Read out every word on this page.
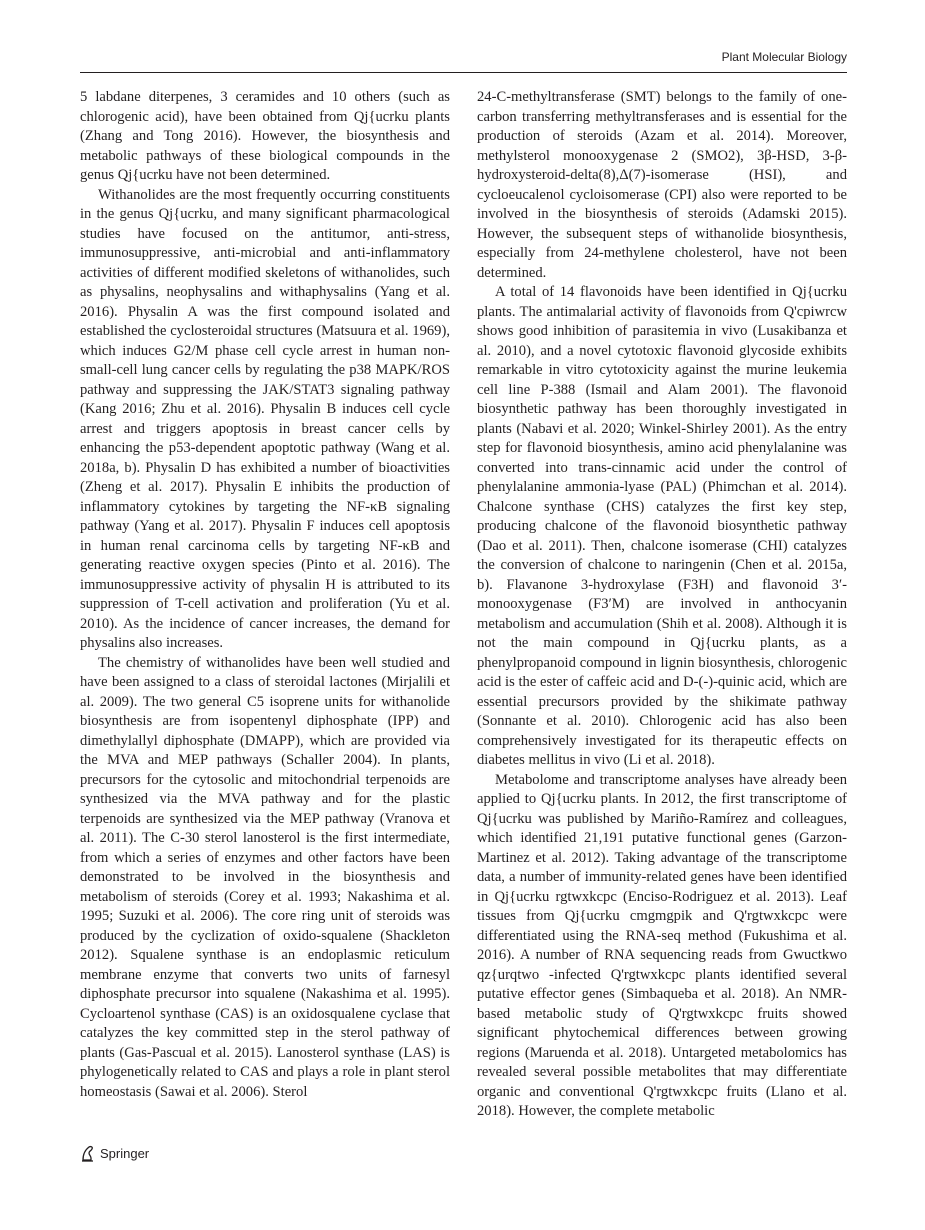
Plant Molecular Biology

5 labdane diterpenes, 3 ceramides and 10 others (such as chlorogenic acid), have been obtained from Qj{ucrku plants (Zhang and Tong 2016). However, the biosynthesis and metabolic pathways of these biological compounds in the genus Qj{ucrku have not been determined.

Withanolides are the most frequently occurring constituents in the genus Qj{ucrku, and many significant pharmacological studies have focused on the antitumor, anti-stress, immunosuppressive, anti-microbial and anti-inflammatory activities of different modified skeletons of withanolides, such as physalins, neophysalins and withaphysalins (Yang et al. 2016). Physalin A was the first compound isolated and established the cyclosteroidal structures (Matsuura et al. 1969), which induces G2/M phase cell cycle arrest in human non-small-cell lung cancer cells by regulating the p38 MAPK/ROS pathway and suppressing the JAK/STAT3 signaling pathway (Kang 2016; Zhu et al. 2016). Physalin B induces cell cycle arrest and triggers apoptosis in breast cancer cells by enhancing the p53-dependent apoptotic pathway (Wang et al. 2018a, b). Physalin D has exhibited a number of bioactivities (Zheng et al. 2017). Physalin E inhibits the production of inflammatory cytokines by targeting the NF-κB signaling pathway (Yang et al. 2017). Physalin F induces cell apoptosis in human renal carcinoma cells by targeting NF-κB and generating reactive oxygen species (Pinto et al. 2016). The immunosuppressive activity of physalin H is attributed to its suppression of T-cell activation and proliferation (Yu et al. 2010). As the incidence of cancer increases, the demand for physalins also increases.

The chemistry of withanolides have been well studied and have been assigned to a class of steroidal lactones (Mirjalili et al. 2009). The two general C5 isoprene units for withanolide biosynthesis are from isopentenyl diphosphate (IPP) and dimethylallyl diphosphate (DMAPP), which are provided via the MVA and MEP pathways (Schaller 2004). In plants, precursors for the cytosolic and mitochondrial terpenoids are synthesized via the MVA pathway and for the plastic terpenoids are synthesized via the MEP pathway (Vranova et al. 2011). The C-30 sterol lanosterol is the first intermediate, from which a series of enzymes and other factors have been demonstrated to be involved in the biosynthesis and metabolism of steroids (Corey et al. 1993; Nakashima et al. 1995; Suzuki et al. 2006). The core ring unit of steroids was produced by the cyclization of oxido-squalene (Shackleton 2012). Squalene synthase is an endoplasmic reticulum membrane enzyme that converts two units of farnesyl diphosphate precursor into squalene (Nakashima et al. 1995). Cycloartenol synthase (CAS) is an oxidosqualene cyclase that catalyzes the key committed step in the sterol pathway of plants (Gas-Pascual et al. 2015). Lanosterol synthase (LAS) is phylogenetically related to CAS and plays a role in plant sterol homeostasis (Sawai et al. 2006). Sterol

24-C-methyltransferase (SMT) belongs to the family of one-carbon transferring methyltransferases and is essential for the production of steroids (Azam et al. 2014). Moreover, methylsterol monooxygenase 2 (SMO2), 3β-HSD, 3-β-hydroxysteroid-delta(8),Δ(7)-isomerase (HSI), and cycloeucalenol cycloisomerase (CPI) also were reported to be involved in the biosynthesis of steroids (Adamski 2015). However, the subsequent steps of withanolide biosynthesis, especially from 24-methylene cholesterol, have not been determined.

A total of 14 flavonoids have been identified in Qj{ucrku plants. The antimalarial activity of flavonoids from Q'cpiwrcw shows good inhibition of parasitemia in vivo (Lusakibanza et al. 2010), and a novel cytotoxic flavonoid glycoside exhibits remarkable in vitro cytotoxicity against the murine leukemia cell line P-388 (Ismail and Alam 2001). The flavonoid biosynthetic pathway has been thoroughly investigated in plants (Nabavi et al. 2020; Winkel-Shirley 2001). As the entry step for flavonoid biosynthesis, amino acid phenylalanine was converted into trans-cinnamic acid under the control of phenylalanine ammonia-lyase (PAL) (Phimchan et al. 2014). Chalcone synthase (CHS) catalyzes the first key step, producing chalcone of the flavonoid biosynthetic pathway (Dao et al. 2011). Then, chalcone isomerase (CHI) catalyzes the conversion of chalcone to naringenin (Chen et al. 2015a, b). Flavanone 3-hydroxylase (F3H) and flavonoid 3′-monooxygenase (F3′M) are involved in anthocyanin metabolism and accumulation (Shih et al. 2008). Although it is not the main compound in Qj{ucrku plants, as a phenylpropanoid compound in lignin biosynthesis, chlorogenic acid is the ester of caffeic acid and D-(-)-quinic acid, which are essential precursors provided by the shikimate pathway (Sonnante et al. 2010). Chlorogenic acid has also been comprehensively investigated for its therapeutic effects on diabetes mellitus in vivo (Li et al. 2018).

Metabolome and transcriptome analyses have already been applied to Qj{ucrku plants. In 2012, the first transcriptome of Qj{ucrku was published by Mariño-Ramírez and colleagues, which identified 21,191 putative functional genes (Garzon-Martinez et al. 2012). Taking advantage of the transcriptome data, a number of immunity-related genes have been identified in Qj{ucrku rgtwxkcpc (Enciso-Rodriguez et al. 2013). Leaf tissues from Qj{ucrku cmgmgpik and Q'rgtwxkcpc were differentiated using the RNA-seq method (Fukushima et al. 2016). A number of RNA sequencing reads from Gwuctkwo qz{urqtwo -infected Q'rgtwxkcpc plants identified several putative effector genes (Simbaqueba et al. 2018). An NMR-based metabolic study of Q'rgtwxkcpc fruits showed significant phytochemical differences between growing regions (Maruenda et al. 2018). Untargeted metabolomics has revealed several possible metabolites that may differentiate organic and conventional Q'rgtwxkcpc fruits (Llano et al. 2018). However, the complete metabolic

Springer
